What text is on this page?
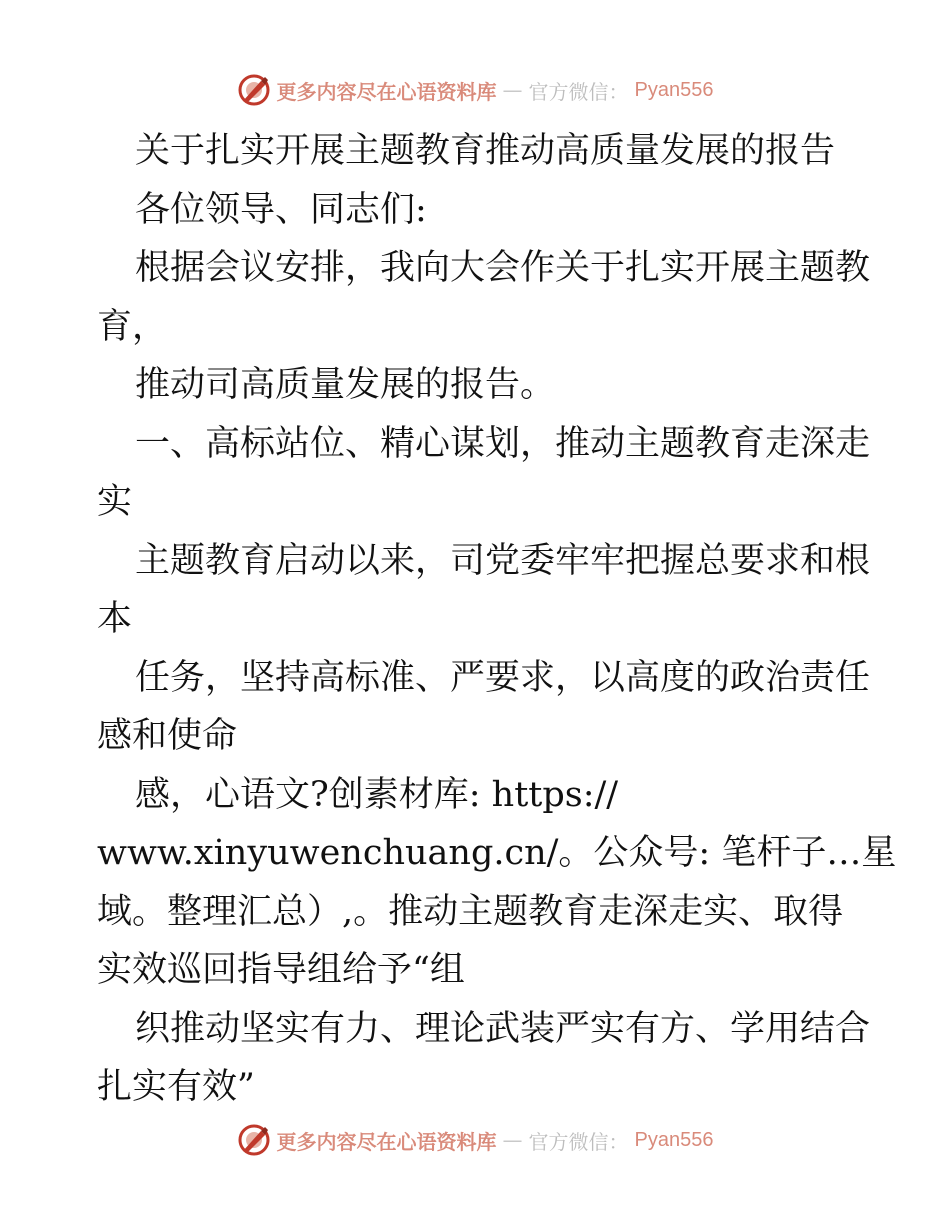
更多内容尽在心语资料库 — 官方微信： Pyan556
关于扎实开展主题教育推动高质量发展的报告
各位领导、同志们:
根据会议安排，我向大会作关于扎实开展主题教
育，
推动司高质量发展的报告。
一、高标站位、精心谋划，推动主题教育走深走
实
主题教育启动以来，司党委牢牢把握总要求和根
本
任务，坚持高标准、严要求，以高度的政治责任
感和使命
感，心语文?创素材库: https://
www.xinyuwenchuang.cn/。公众号: 笔杆子…星
域。整理汇总）,。推动主题教育走深走实、取得
实效巡回指导组给予“组
织推动坚实有力、理论武装严实有方、学用结合
扎实有效”
更多内容尽在心语资料库 — 官方微信： Pyan556
